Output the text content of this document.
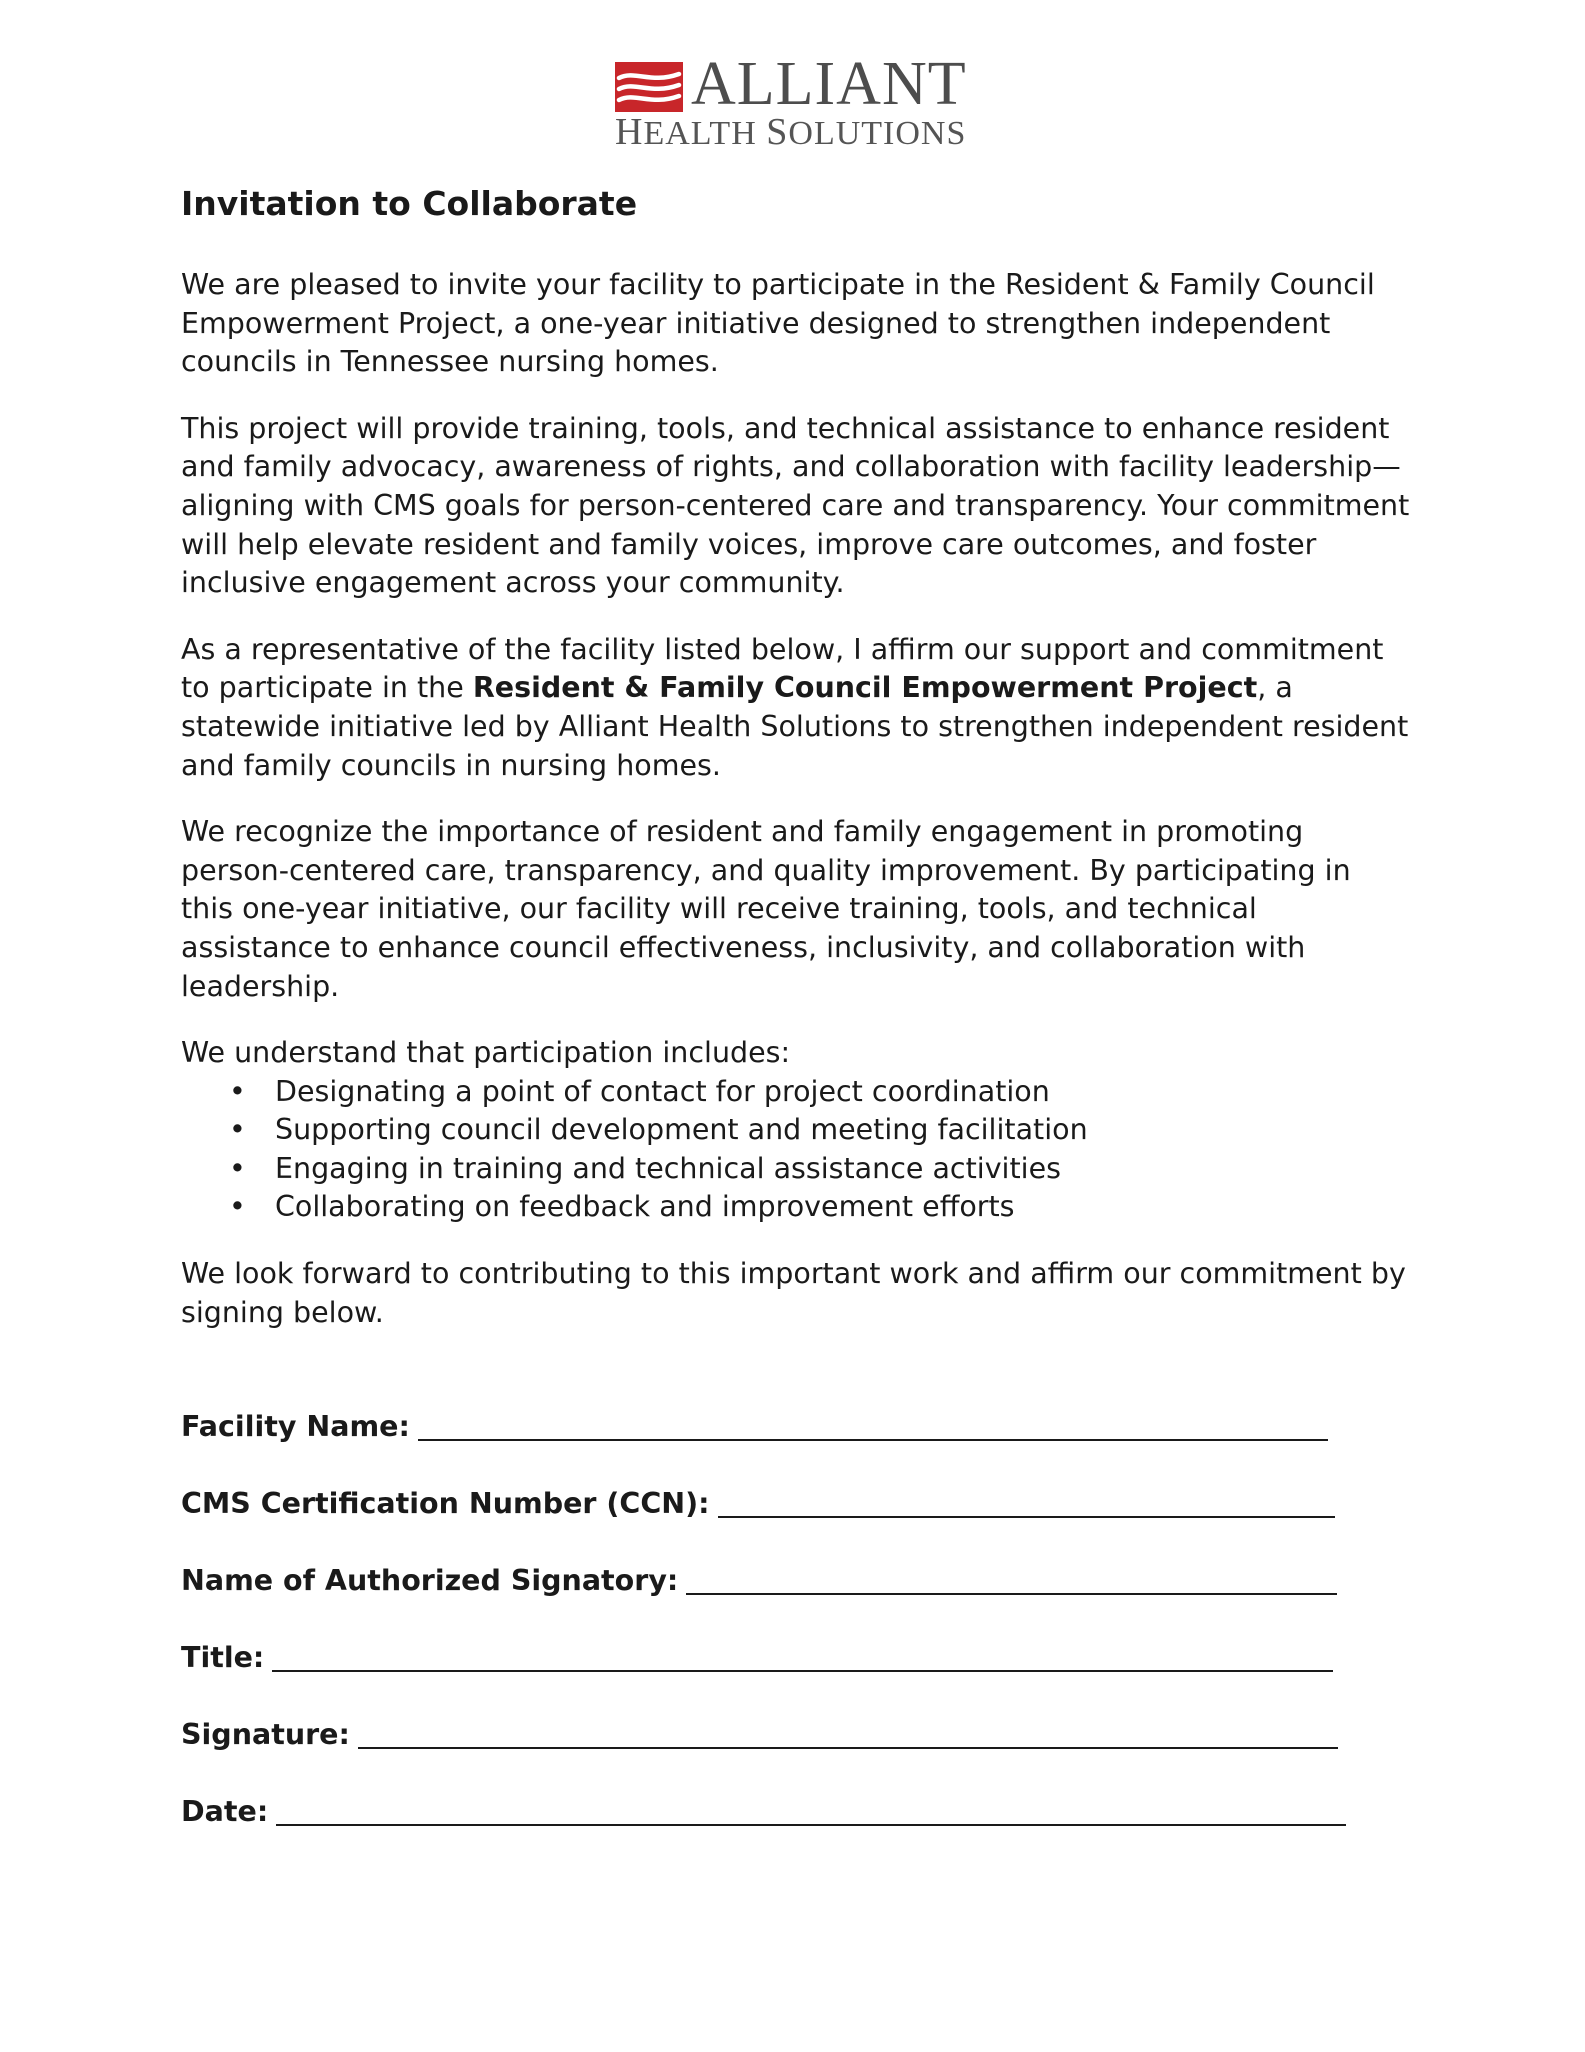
ALLIANT
HEALTH SOLUTIONS
Invitation to Collaborate

We are pleased to invite your facility to participate in the Resident & Family Council Empowerment Project, a one-year initiative designed to strengthen independent councils in Tennessee nursing homes.

This project will provide training, tools, and technical assistance to enhance resident and family advocacy, awareness of rights, and collaboration with facility leadership—aligning with CMS goals for person-centered care and transparency. Your commitment will help elevate resident and family voices, improve care outcomes, and foster inclusive engagement across your community.

As a representative of the facility listed below, I affirm our support and commitment to participate in the Resident & Family Council Empowerment Project, a statewide initiative led by Alliant Health Solutions to strengthen independent resident and family councils in nursing homes.

We recognize the importance of resident and family engagement in promoting person-centered care, transparency, and quality improvement. By participating in this one-year initiative, our facility will receive training, tools, and technical assistance to enhance council effectiveness, inclusivity, and collaboration with leadership.

We understand that participation includes:

• Designating a point of contact for project coordination
• Supporting council development and meeting facilitation
• Engaging in training and technical assistance activities
• Collaborating on feedback and improvement efforts

We look forward to contributing to this important work and affirm our commitment by signing below.

Facility Name:
CMS Certification Number (CCN):
Name of Authorized Signatory:
Title:
Signature:
Date:
